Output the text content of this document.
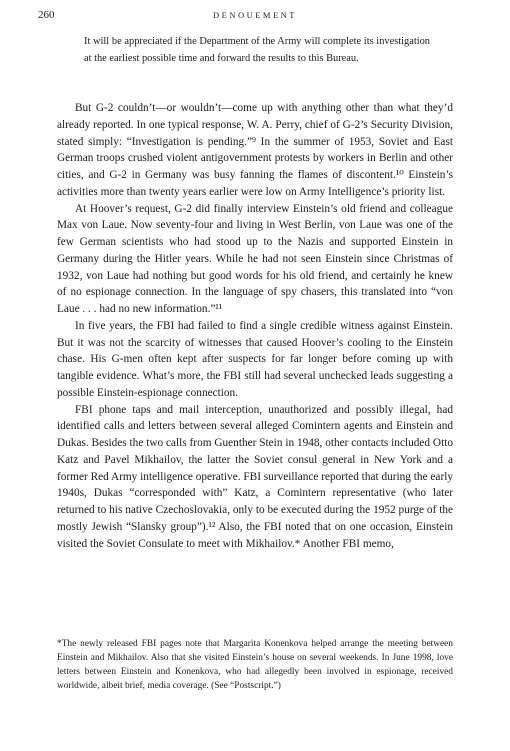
260	DENOUEMENT

It will be appreciated if the Department of the Army will complete its investigation at the earliest possible time and forward the results to this Bureau.

But G-2 couldn’t—or wouldn’t—come up with anything other than what they’d already reported. In one typical response, W. A. Perry, chief of G-2’s Security Division, stated simply: “Investigation is pending.”⁹ In the summer of 1953, Soviet and East German troops crushed violent antigovernment protests by workers in Berlin and other cities, and G-2 in Germany was busy fanning the flames of discontent.¹⁰ Einstein’s activities more than twenty years earlier were low on Army Intelligence’s priority list.

At Hoover’s request, G-2 did finally interview Einstein’s old friend and colleague Max von Laue. Now seventy-four and living in West Berlin, von Laue was one of the few German scientists who had stood up to the Nazis and supported Einstein in Germany during the Hitler years. While he had not seen Einstein since Christmas of 1932, von Laue had nothing but good words for his old friend, and certainly he knew of no espionage connection. In the language of spy chasers, this translated into “von Laue . . . had no new information.”¹¹

In five years, the FBI had failed to find a single credible witness against Einstein. But it was not the scarcity of witnesses that caused Hoover’s cooling to the Einstein chase. His G-men often kept after suspects for far longer before coming up with tangible evidence. What’s more, the FBI still had several unchecked leads suggesting a possible Einstein-espionage connection.

FBI phone taps and mail interception, unauthorized and possibly illegal, had identified calls and letters between several alleged Comintern agents and Einstein and Dukas. Besides the two calls from Guenther Stein in 1948, other contacts included Otto Katz and Pavel Mikhailov, the latter the Soviet consul general in New York and a former Red Army intelligence operative. FBI surveillance reported that during the early 1940s, Dukas “corresponded with” Katz, a Comintern representative (who later returned to his native Czechoslovakia, only to be executed during the 1952 purge of the mostly Jewish “Slansky group”).¹² Also, the FBI noted that on one occasion, Einstein visited the Soviet Consulate to meet with Mikhailov.* Another FBI memo,

*The newly released FBI pages note that Margarita Konenkova helped arrange the meeting between Einstein and Mikhailov. Also that she visited Einstein’s house on several weekends. In June 1998, love letters between Einstein and Konenkova, who had allegedly been involved in espionage, received worldwide, albeit brief, media coverage. (See “Postscript.”)
